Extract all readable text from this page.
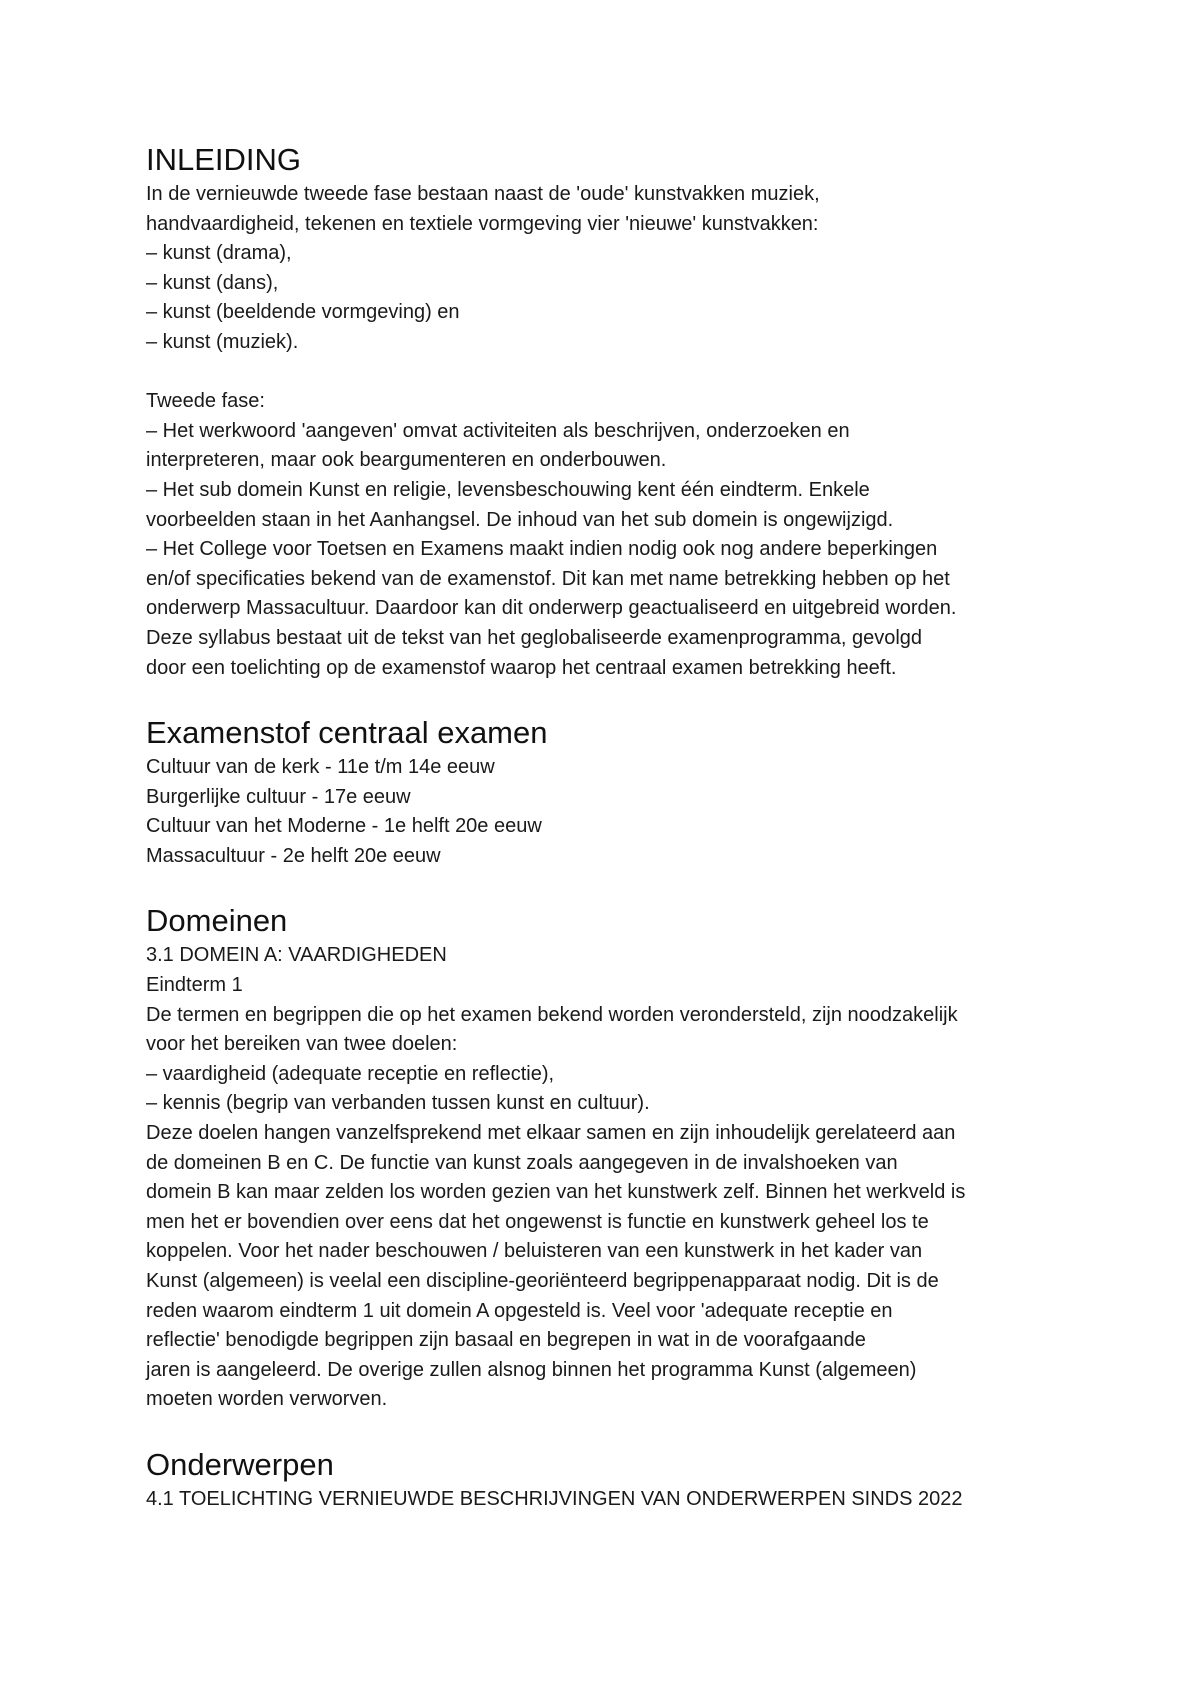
INLEIDING

In de vernieuwde tweede fase bestaan naast de 'oude' kunstvakken muziek,

handvaardigheid, tekenen en textiele vormgeving vier 'nieuwe' kunstvakken:

– kunst (drama),

– kunst (dans),

– kunst (beeldende vormgeving) en

– kunst (muziek).

Tweede fase:

– Het werkwoord 'aangeven' omvat activiteiten als beschrijven, onderzoeken en

interpreteren, maar ook beargumenteren en onderbouwen.

– Het sub domein Kunst en religie, levensbeschouwing kent één eindterm. Enkele

voorbeelden staan in het Aanhangsel. De inhoud van het sub domein is ongewijzigd.

– Het College voor Toetsen en Examens maakt indien nodig ook nog andere beperkingen

en/of specificaties bekend van de examenstof. Dit kan met name betrekking hebben op het

onderwerp Massacultuur. Daardoor kan dit onderwerp geactualiseerd en uitgebreid worden.

Deze syllabus bestaat uit de tekst van het geglobaliseerde examenprogramma, gevolgd

door een toelichting op de examenstof waarop het centraal examen betrekking heeft.

Examenstof centraal examen

Cultuur van de kerk - 11e t/m 14e eeuw

Burgerlijke cultuur - 17e eeuw

Cultuur van het Moderne - 1e helft 20e eeuw

Massacultuur - 2e helft 20e eeuw

Domeinen

3.1 DOMEIN A: VAARDIGHEDEN

Eindterm 1

De termen en begrippen die op het examen bekend worden verondersteld, zijn noodzakelijk

voor het bereiken van twee doelen:

– vaardigheid (adequate receptie en reflectie),

– kennis (begrip van verbanden tussen kunst en cultuur).

Deze doelen hangen vanzelfsprekend met elkaar samen en zijn inhoudelijk gerelateerd aan

de domeinen B en C. De functie van kunst zoals aangegeven in de invalshoeken van

domein B kan maar zelden los worden gezien van het kunstwerk zelf. Binnen het werkveld is

men het er bovendien over eens dat het ongewenst is functie en kunstwerk geheel los te

koppelen. Voor het nader beschouwen / beluisteren van een kunstwerk in het kader van

Kunst (algemeen) is veelal een discipline-georiënteerd begrippenapparaat nodig. Dit is de

reden waarom eindterm 1 uit domein A opgesteld is. Veel voor 'adequate receptie en

reflectie' benodigde begrippen zijn basaal en begrepen in wat in de voorafgaande

jaren is aangeleerd. De overige zullen alsnog binnen het programma Kunst (algemeen)

moeten worden verworven.

Onderwerpen

4.1 TOELICHTING VERNIEUWDE BESCHRIJVINGEN VAN ONDERWERPEN SINDS 2022
